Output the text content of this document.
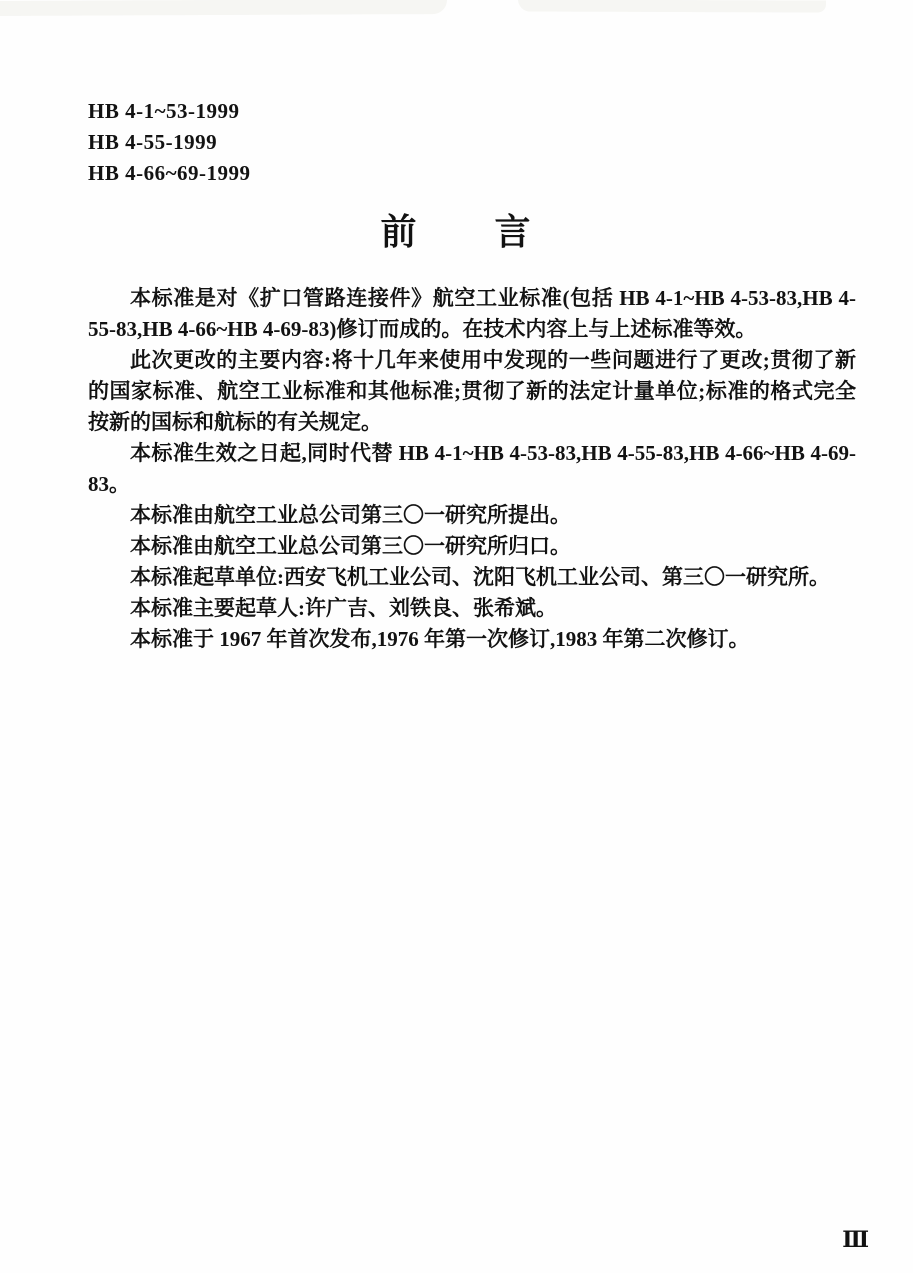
HB 4-1~53-1999
HB 4-55-1999
HB 4-66~69-1999
前　　言

本标准是对《扩口管路连接件》航空工业标准(包括 HB 4-1~HB 4-53-83,HB 4-55-83,HB 4-66~HB 4-69-83)修订而成的。在技术内容上与上述标准等效。

此次更改的主要内容:将十几年来使用中发现的一些问题进行了更改;贯彻了新的国家标准、航空工业标准和其他标准;贯彻了新的法定计量单位;标准的格式完全按新的国标和航标的有关规定。

本标准生效之日起,同时代替 HB 4-1~HB 4-53-83,HB 4-55-83,HB 4-66~HB 4-69-83。

本标准由航空工业总公司第三〇一研究所提出。

本标准由航空工业总公司第三〇一研究所归口。

本标准起草单位:西安飞机工业公司、沈阳飞机工业公司、第三〇一研究所。

本标准主要起草人:许广吉、刘铁良、张希斌。

本标准于 1967 年首次发布,1976 年第一次修订,1983 年第二次修订。

Ⅲ
